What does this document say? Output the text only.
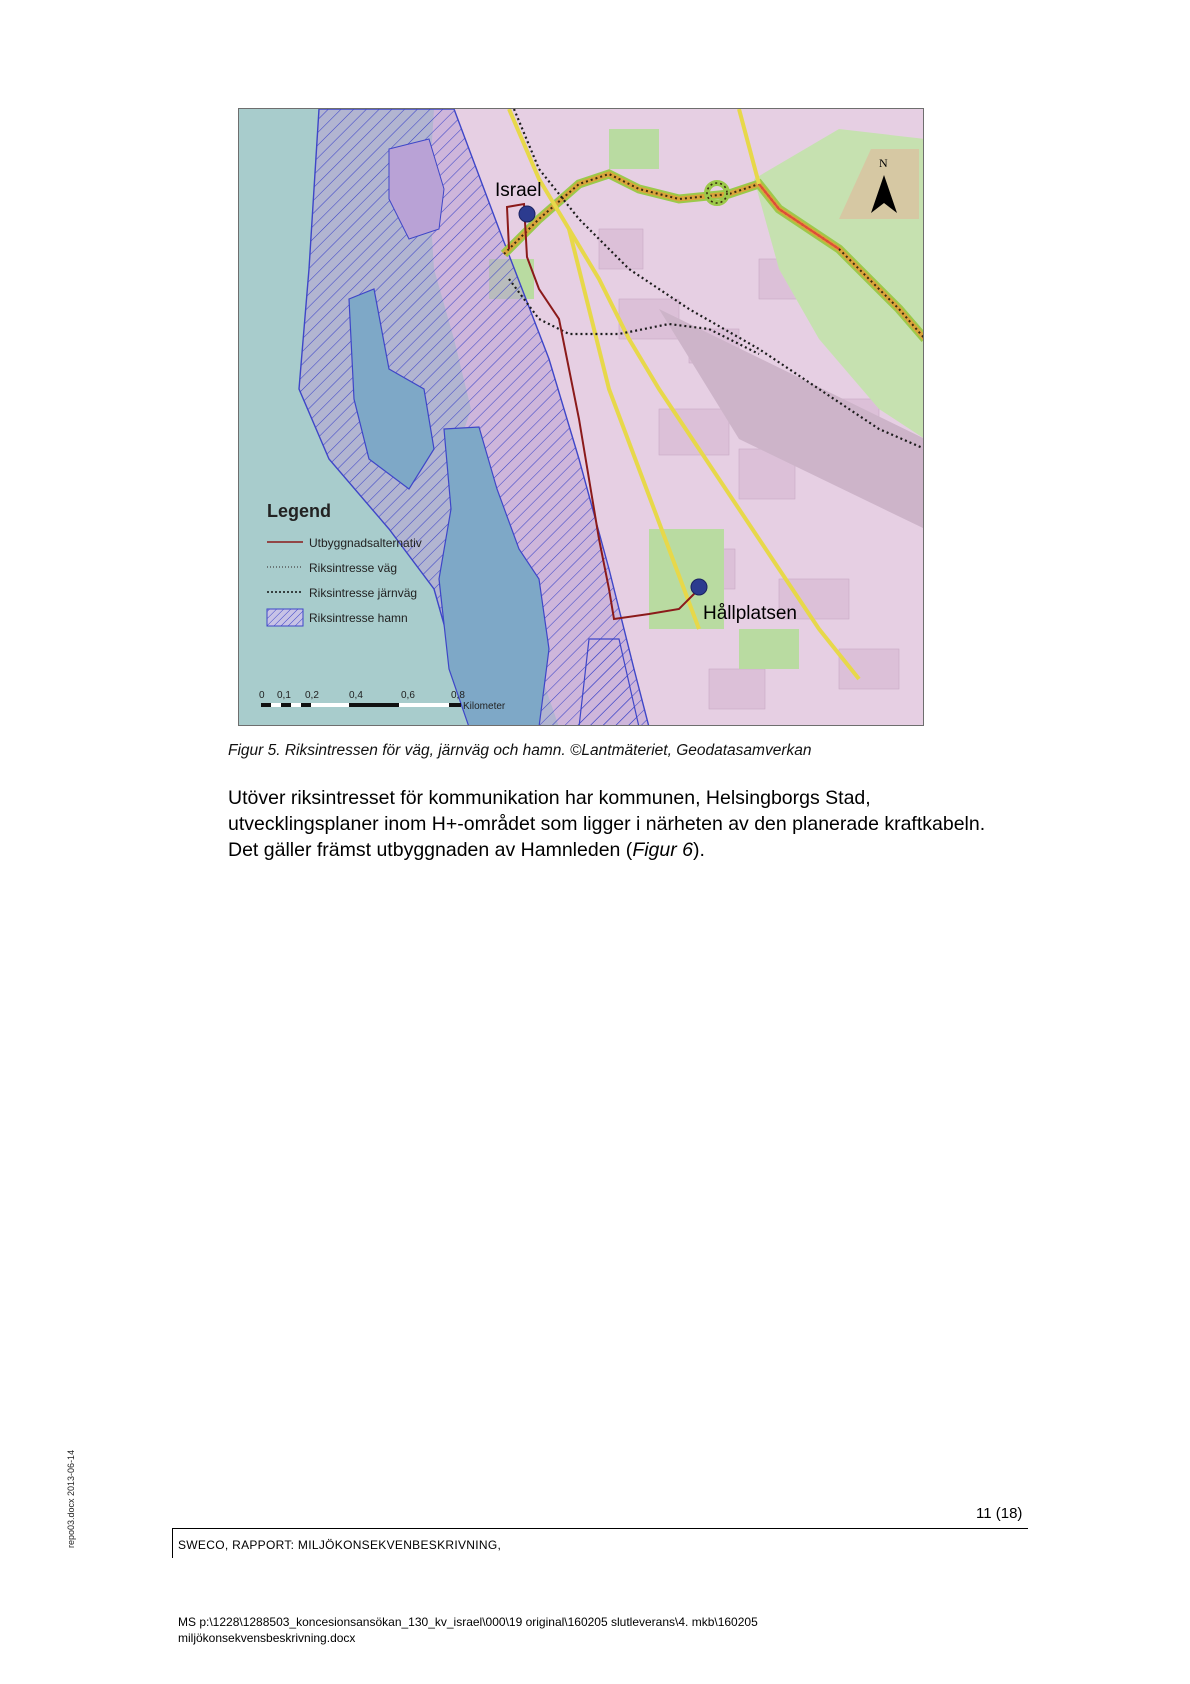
Israel
Hållplatsen
N
Legend
Utbyggnadsalternativ
Riksintresse väg
Riksintresse järnväg
Riksintresse hamn
0 0,1 0,2	0,4	0,6	0,8
Kilometer
Figur 5. Riksintressen för väg, järnväg och hamn. ©Lantmäteriet, Geodatasamverkan

Utöver riksintresset för kommunikation har kommunen, Helsingborgs Stad,
utvecklingsplaner inom H+-området som ligger i närheten av den planerade kraftkabeln.
Det gäller främst utbyggnaden av Hamnleden (Figur 6).

11 (18)
SWECO, RAPPORT: MILJÖKONSEKVENBESKRIVNING,
MS p:\1228\1288503_koncesionsansökan_130_kv_israel\000\19 original\160205 slutleverans\4. mkb\160205
miljökonsekvensbeskrivning.docx
repo03.docx 2013-06-14
